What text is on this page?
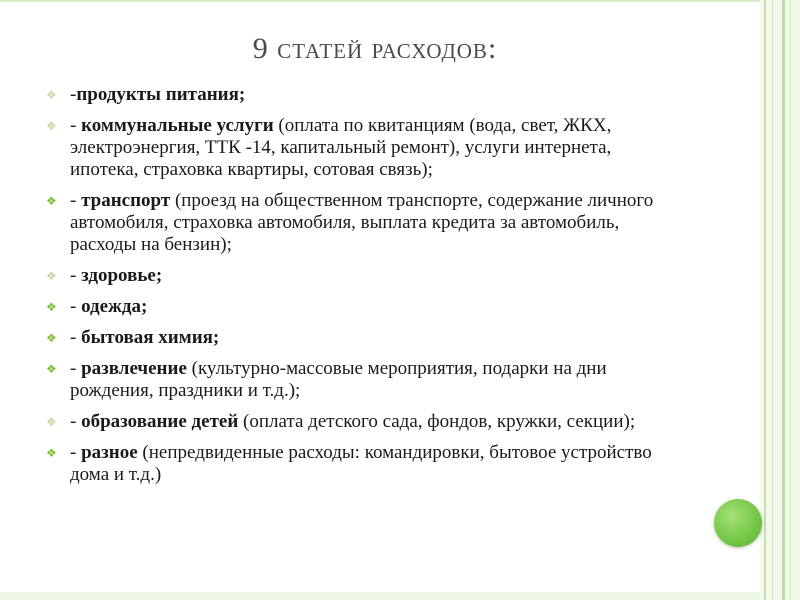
9 статей расходов:
❖ -продукты питания;
❖ - коммунальные услуги (оплата по квитанциям (вода, свет, ЖКХ, электроэнергия, ТТК -14, капитальный ремонт), услуги интернета, ипотека, страховка квартиры, сотовая связь);
❖ - транспорт (проезд на общественном транспорте, содержание личного автомобиля, страховка автомобиля, выплата кредита за автомобиль, расходы на бензин);
❖ - здоровье;
❖ - одежда;
❖ - бытовая химия;
❖ - развлечение (культурно-массовые мероприятия, подарки на дни рождения, праздники и т.д.);
❖ - образование детей (оплата детского сада, фондов, кружки, секции);
❖ - разное (непредвиденные расходы: командировки, бытовое устройство дома и т.д.)
